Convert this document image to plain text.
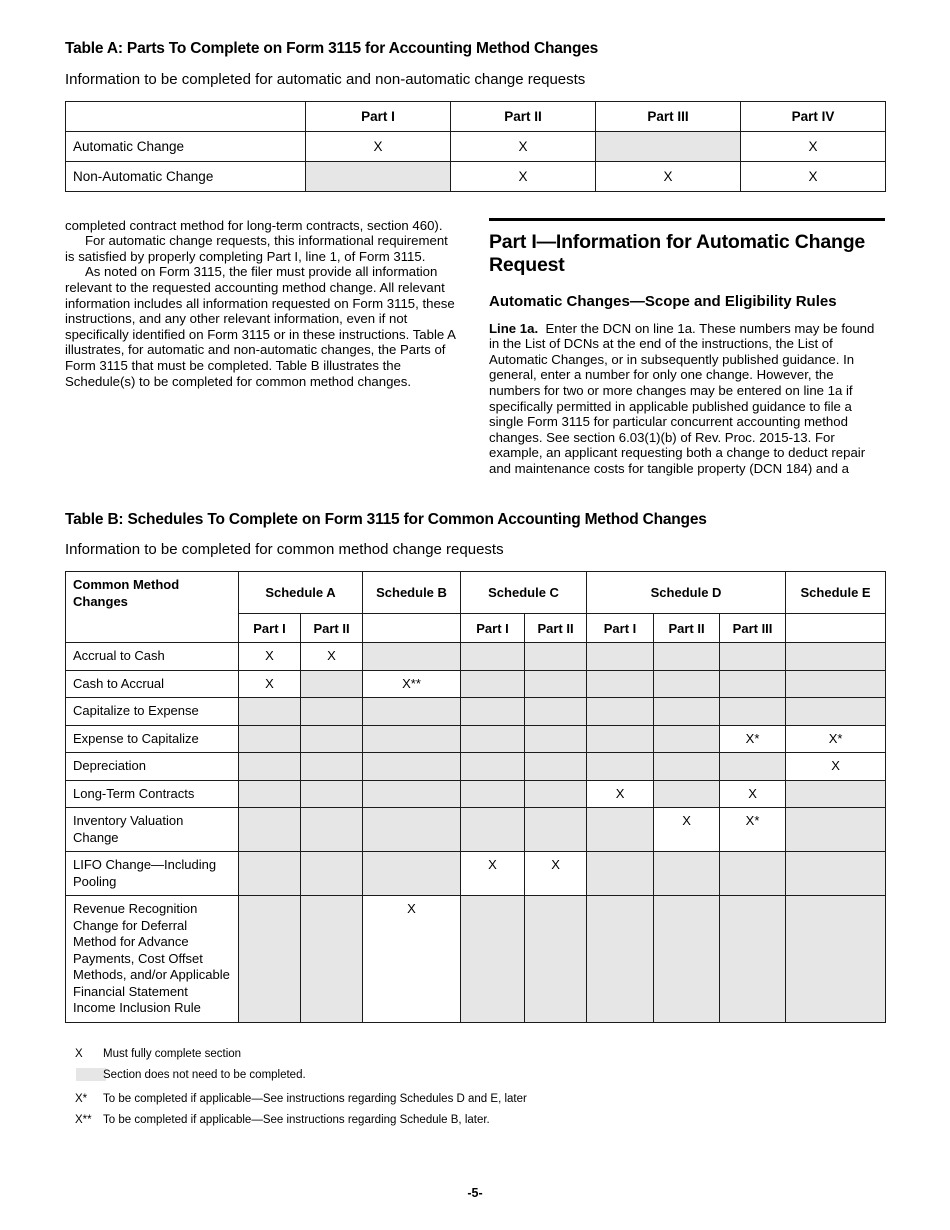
Table A: Parts To Complete on Form 3115 for Accounting Method Changes
Information to be completed for automatic and non-automatic change requests
	Part I	Part II	Part III	Part IV
Automatic Change	X	X		X
Non-Automatic Change		X	X	X

completed contract method for long-term contracts, section 460).

For automatic change requests, this informational requirement is satisfied by properly completing Part I, line 1, of Form 3115.

As noted on Form 3115, the filer must provide all information relevant to the requested accounting method change. All relevant information includes all information requested on Form 3115, these instructions, and any other relevant information, even if not specifically identified on Form 3115 or in these instructions. Table A illustrates, for automatic and non-automatic changes, the Parts of Form 3115 that must be completed. Table B illustrates the Schedule(s) to be completed for common method changes.

Part I—Information for Automatic Change Request
Automatic Changes—Scope and Eligibility Rules

Line 1a. Enter the DCN on line 1a. These numbers may be found in the List of DCNs at the end of the instructions, the List of Automatic Changes, or in subsequently published guidance. In general, enter a number for only one change. However, the numbers for two or more changes may be entered on line 1a if specifically permitted in applicable published guidance to file a single Form 3115 for particular concurrent accounting method changes. See section 6.03(1)(b) of Rev. Proc. 2015-13. For example, an applicant requesting both a change to deduct repair and maintenance costs for tangible property (DCN 184) and a

Table B: Schedules To Complete on Form 3115 for Common Accounting Method Changes
Information to be completed for common method change requests
Common Method Changes	Schedule A		Schedule B	Schedule C		Schedule D			Schedule E
	Part I	Part II		Part I	Part II	Part I	Part II	Part III	
Accrual to Cash	X	X							
Cash to Accrual	X		X**						
Capitalize to Expense									
Expense to Capitalize								X*	X*
Depreciation									X
Long-Term Contracts						X		X	
Inventory Valuation Change							X	X*	
LIFO Change—Including Pooling				X	X				
Revenue Recognition Change for Deferral Method for Advance Payments, Cost Offset Methods, and/or Applicable Financial Statement Income Inclusion Rule			X						
X	Must fully complete section
Section does not need to be completed.
X*	To be completed if applicable—See instructions regarding Schedules D and E, later
X** To be completed if applicable—See instructions regarding Schedule B, later.
-5-
